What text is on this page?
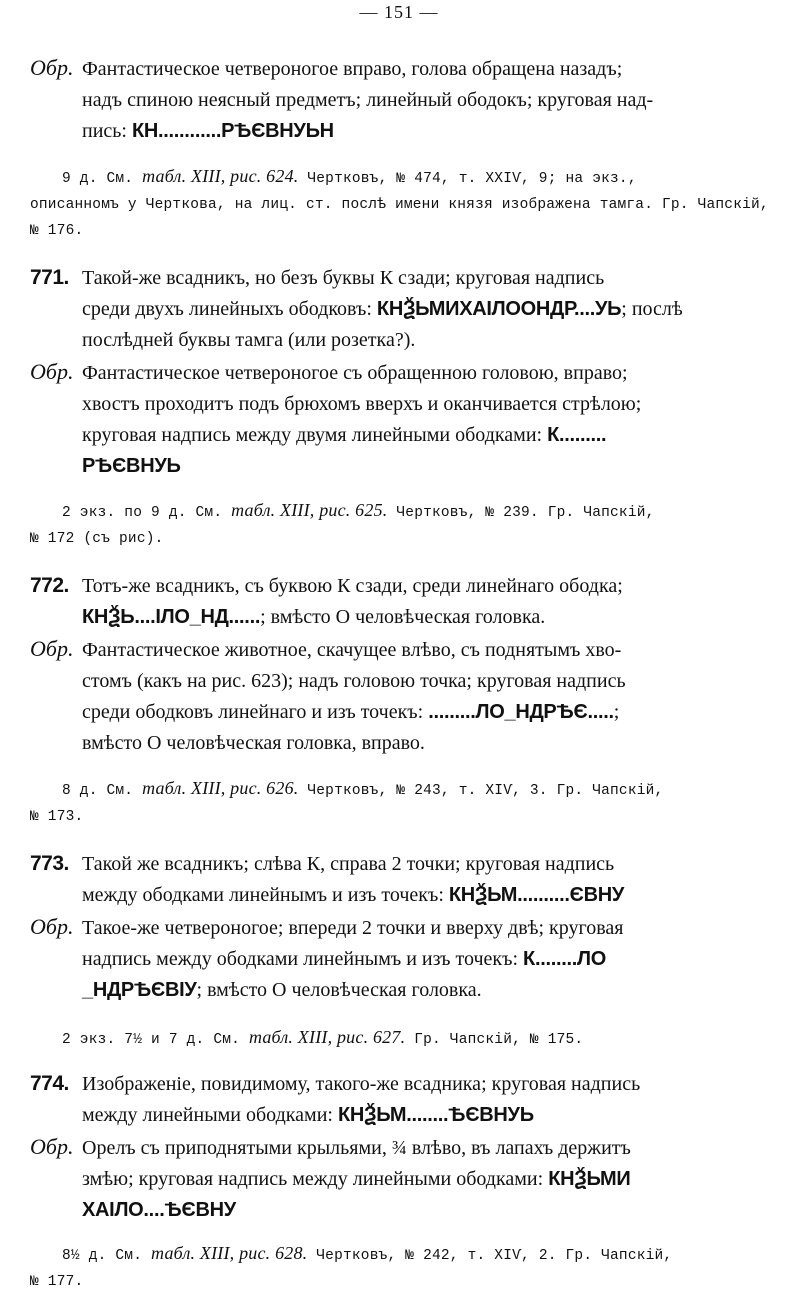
— 151 —
Обр. Фантастическое четвероногое вправо, голова обращена назадъ;
надъ спиною неясный предметъ; линейный ободокъ; круговая над-
пись:
КН............РѢЄВНУЬН
9 д. См. табл. XIII, рис. 624. Чертковъ, № 474, т. XXIѴ, 9; на экз.,
описанномъ у Черткова, на лиц. ст. послѣ имени князя изображена тамга. Гр. Чапскій,
№ 176.
771. Такой-же всадникъ, но безъ буквы К сзади; круговая надпись
среди двухъ линейныхъ ободковъ:
КНѮЬМИХАІЛООНДР....УЬ ; послѣ
послѣдней буквы тамга (или розетка?).
Обр. Фантастическое четвероногое съ обращенною головою, вправо;
хвостъ проходитъ подъ брюхомъ вверхъ и оканчивается стрѣлою;
круговая надпись между двумя линейными ободками:
К.........
РѢЄВНУЬ
2 экз. по 9 д. См. табл. XIII, рис. 625. Чертковъ, № 239. Гр. Чапскій,
№ 172 (съ рис).
772. Тотъ-же всадникъ, съ буквою К сзади, среди линейнаго ободка;
КНѮЬ....ІЛО_НД...... ; вмѣсто О человѣческая головка.
Обр. Фантастическое животное, скачущее влѣво, съ поднятымъ хво-
стомъ (какъ на рис. 623); надъ головою точка; круговая надпись
среди ободковъ линейнаго и изъ точекъ:
.........ЛО_НДРѢЄ..... ;
вмѣсто О человѣческая головка, вправо.
8 д. См. табл. XIII, рис. 626. Чертковъ, № 243, т. XIѴ, 3. Гр. Чапскій,
№ 173.
773. Такой же всадникъ; слѣва К, справа 2 точки; круговая надпись
между ободками линейнымъ и изъ точекъ:
КНѮЬМ..........ЄВНУ
Обр. Такое-же четвероногое; впереди 2 точки и вверху двѣ; круговая
надпись между ободками линейнымъ и изъ точекъ:
К........ЛО
_НДРѢЄВІУ ; вмѣсто О человѣческая головка.
2 экз. 7½ и 7 д. См. табл. XIII, рис. 627. Гр. Чапскій, № 175.
774. Изображеніе, повидимому, такого-же всадника; круговая надпись
между линейными ободками:
КНѮЬМ........ѢЄВНУЬ
Обр. Орелъ съ приподнятыми крыльями, ¾ влѣво, въ лапахъ держитъ
змѣю; круговая надпись между линейными ободками:
КНѮЬМИ
ХАІЛО....ѢЄВНУ
8½ д. См. табл. XIII, рис. 628. Чертковъ, № 242, т. XIѴ, 2. Гр. Чапскій,
№ 177.
